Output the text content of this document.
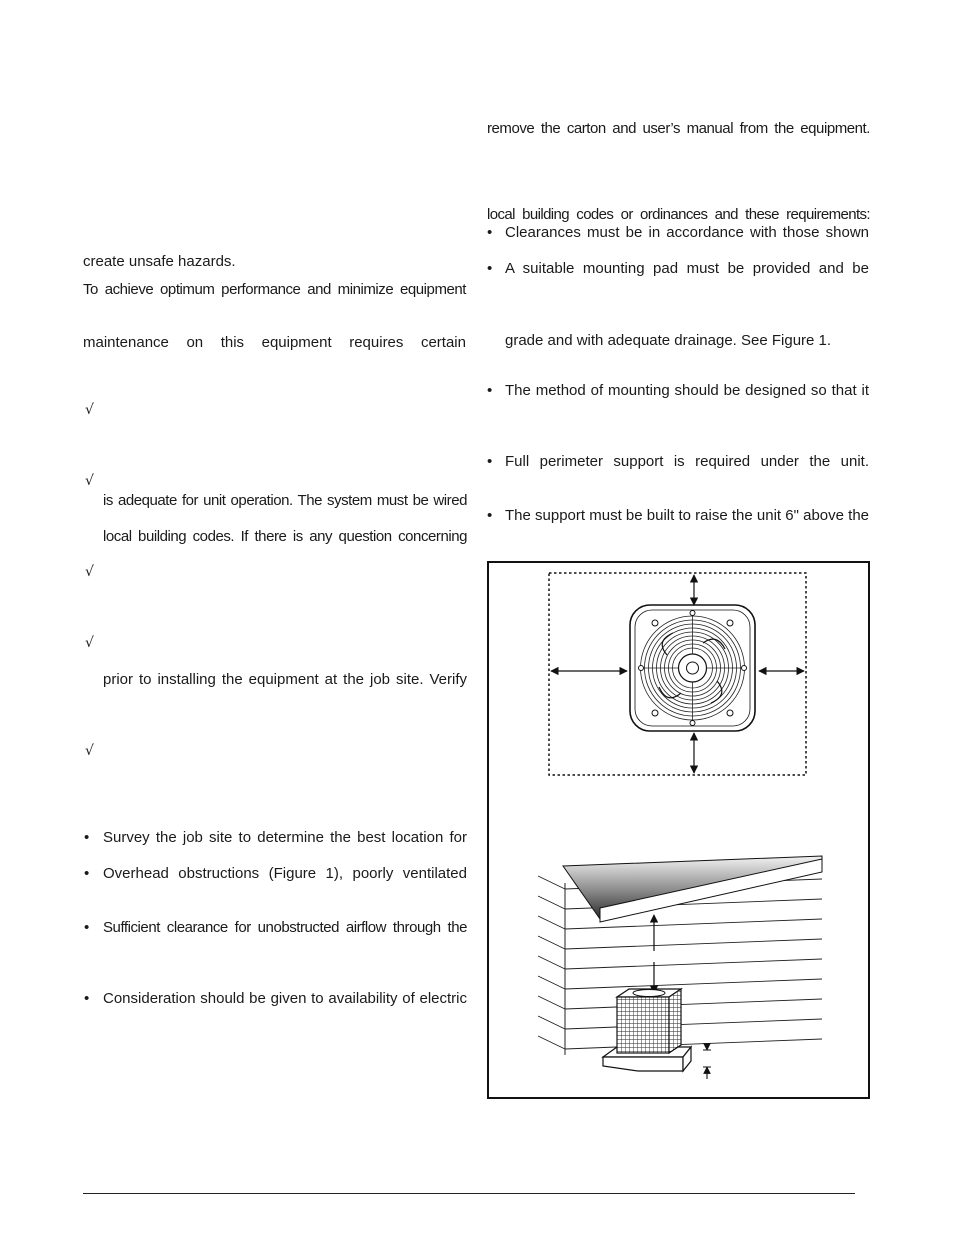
create unsafe hazards.
To achieve optimum performance and minimize equipment
maintenance on this equipment requires certain
√
√
is adequate for unit operation. The system must be wired
local building codes. If there is any question concerning
√
√
prior to installing the equipment at the job site. Verify
√
• Survey the job site to determine the best location for
• Overhead obstructions (Figure 1), poorly ventilated
• Sufficient clearance for unobstructed airflow through the
• Consideration should be given to availability of electric
remove the carton and user’s manual from the equipment.
local building codes or ordinances and these requirements:
• Clearances must be in accordance with those shown
• A suitable mounting pad must be provided and be
grade and with adequate drainage. See Figure 1.
• The method of mounting should be designed so that it
• Full perimeter support is required under the unit.
• The support must be built to raise the unit 6" above the
